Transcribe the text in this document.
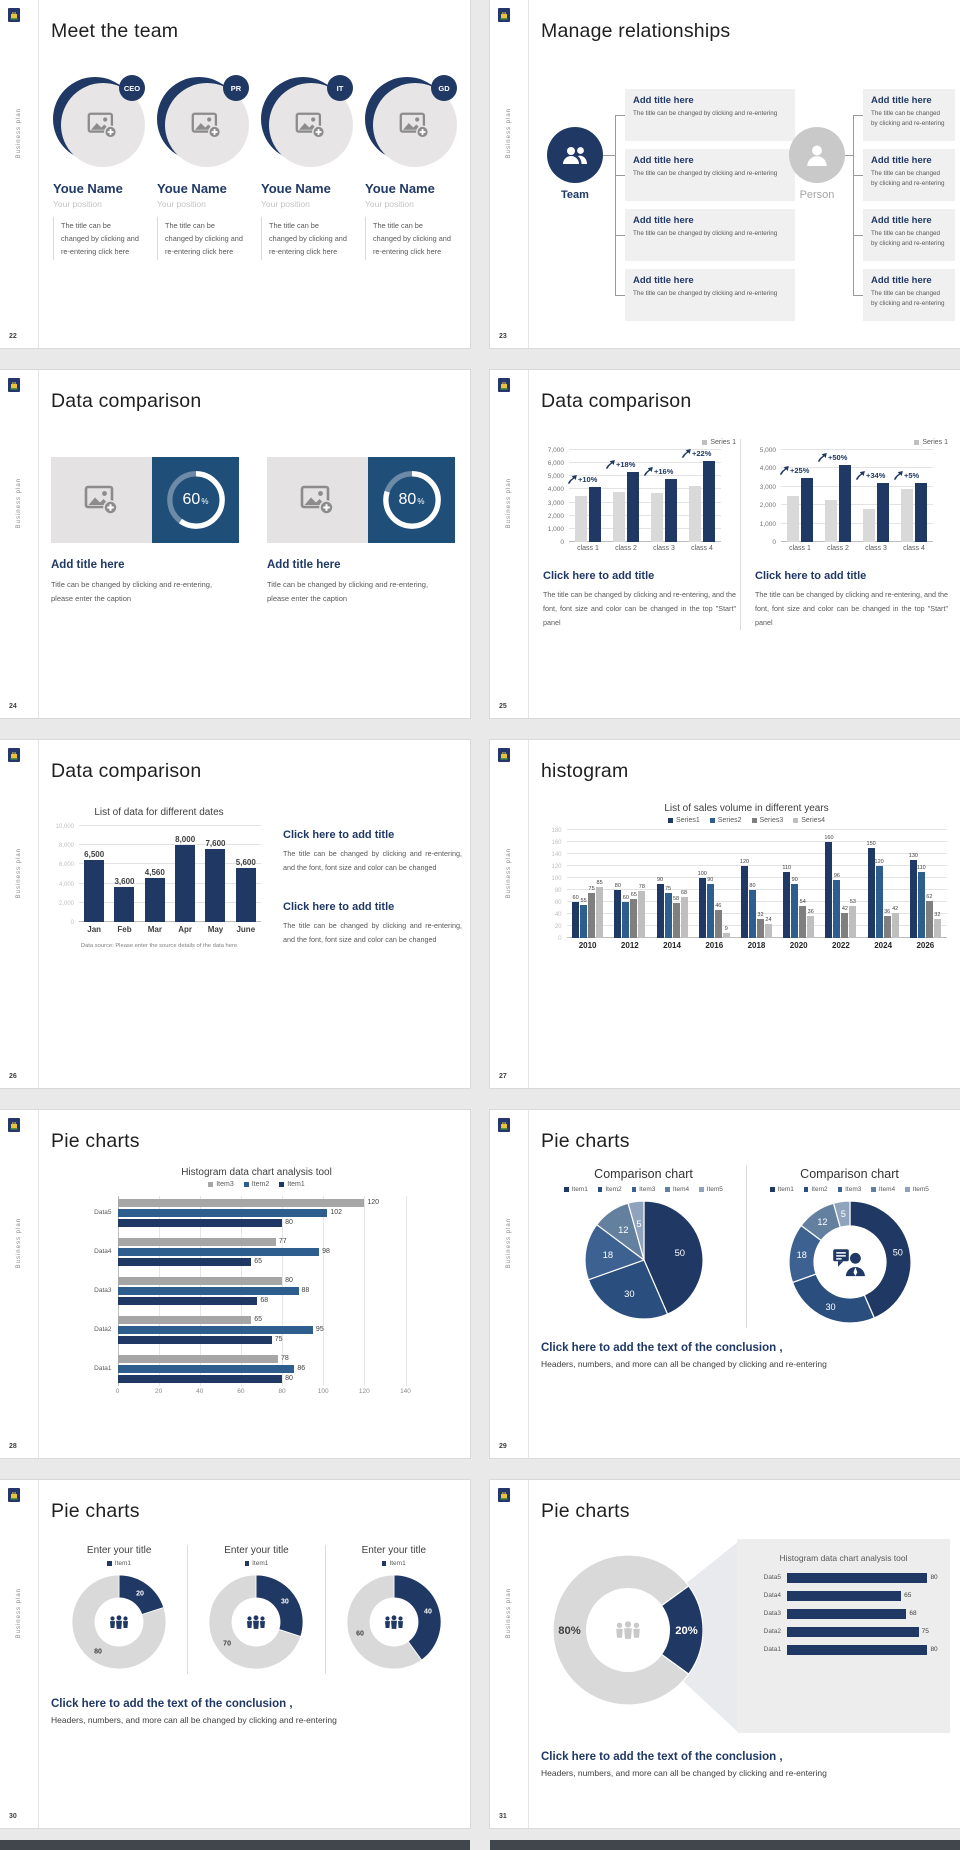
Business plan
22
Meet the team
CEO
Youe Name
Your position
The title can be changed by clicking and re-entering click here
PR
Youe Name
Your position
The title can be changed by clicking and re-entering click here
IT
Youe Name
Your position
The title can be changed by clicking and re-entering click here
GD
Youe Name
Your position
The title can be changed by clicking and re-entering click here
Business plan
23
Manage relationships
Team
Add title here
The title can be changed by clicking and re-entering
Add title here
The title can be changed by clicking and re-entering
Add title here
The title can be changed by clicking and re-entering
Add title here
The title can be changed by clicking and re-entering
Person
Add title here
The title can be changed by clicking and re-entering
Add title here
The title can be changed by clicking and re-entering
Add title here
The title can be changed by clicking and re-entering
Add title here
The title can be changed by clicking and re-entering
Business plan
24
Data comparison
60 %
Add title here
Title can be changed by clicking and re-entering, please enter the caption
80 %
Add title here
Title can be changed by clicking and re-entering, please enter the caption
Business plan
25
Data comparison
Series 1
0
1,000
2,000
3,000
4,000
5,000
6,000
7,000
+10%
+18%
+16%
+22%
class 1	class 2	class 3	class 4
Click here to add title
The title can be changed by clicking and re-entering, and the font, font size and color can be changed in the top "Start" panel
Series 1
0
1,000
2,000
3,000
4,000
5,000
+25%
+50%
+34% +5%
class 1	class 2	class 3	class 4
Click here to add title
The title can be changed by clicking and re-entering, and the font, font size and color can be changed in the top "Start" panel
Business plan
26
Data comparison
List of data for different dates
0
2,000
4,000
6,000
8,000
10,000
6,500
3,600
4,560
8,000 7,600
5,600
Jan	Feb	Mar	Apr	May	June
Data source: Please enter the source details of the data here
Click here to add title
The title can be changed by clicking and re-entering, and the font, font size and color can be changed
Click here to add title
The title can be changed by clicking and re-entering, and the font, font size and color can be changed
Business plan
27
histogram
List of sales volume in different years
Series1	Series2	Series3	Series4
0
20
40
60
80
100
120
140
160
180
60 55
75
85 80
60 65
78
90
75
58
68
100
90
46
9
120
80
32
24
110
90
54
36
160
96
42
53
150
120
36
42
130
110
62
32
2010	2012	2014	2016	2018	2020	2022	2024	2026
Business plan
28
Pie charts
Histogram data chart analysis tool
Item3	Item2	Item1
0	20	40	60	80	100	120	140
Data5
120
102
80
Data4
77
98
65
Data3
80
88
68
Data2
65
95
75
Data1
78
86
80
Business plan
29
Pie charts
Comparison chart
Item1	Item2	Item3	Item4	Item5
50
30
18
12
5
Comparison chart
Item1	Item2	Item3	Item4	Item5
50
30
18
12
5
Click here to add the text of the conclusion ,
Headers, numbers, and more can all be changed by clicking and re-entering
Business plan
30
Pie charts
Enter your title
Item1
20
80
Enter your title
Item1
30
70
Enter your title
Item1
40
60
Click here to add the text of the conclusion ,
Headers, numbers, and more can all be changed by clicking and re-entering
Business plan
31
Pie charts
20%
80%
Histogram data chart analysis tool
Data5	80
Data4	65
Data3	68
Data2	75
Data1	80
Click here to add the text of the conclusion ,
Headers, numbers, and more can all be changed by clicking and re-entering
